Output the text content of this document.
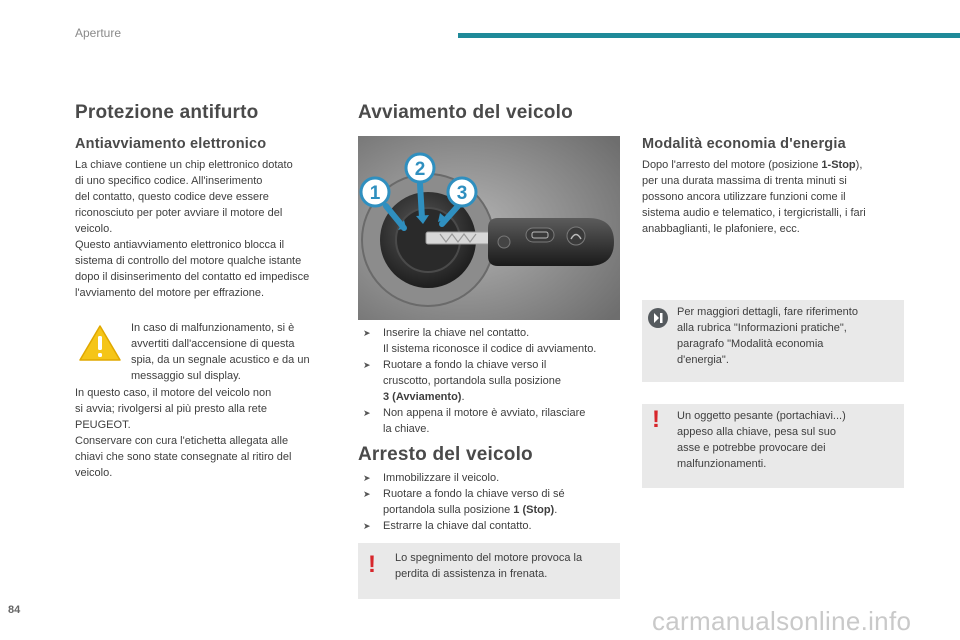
Aperture
Protezione antifurto
Antiavviamento elettronico
La chiave contiene un chip elettronico dotato
di uno specifico codice. All'inserimento
del contatto, questo codice deve essere
riconosciuto per poter avviare il motore del
veicolo.
Questo antiavviamento elettronico blocca il
sistema di controllo del motore qualche istante
dopo il disinserimento del contatto ed impedisce
l'avviamento del motore per effrazione.
In caso di malfunzionamento, si è
avvertiti dall'accensione di questa
spia, da un segnale acustico e da un
messaggio sul display.
In questo caso, il motore del veicolo non
si avvia; rivolgersi al più presto alla rete
PEUGEOT.
Conservare con cura l'etichetta allegata alle
chiavi che sono state consegnate al ritiro del
veicolo.
Avviamento del veicolo
1
2
3
➤ Inserire la chiave nel contatto.
Il sistema riconosce il codice di avviamento.
➤ Ruotare a fondo la chiave verso il
cruscotto, portandola sulla posizione
3 (Avviamento).
➤ Non appena il motore è avviato, rilasciare
la chiave.
Arresto del veicolo
➤ Immobilizzare il veicolo.
➤ Ruotare a fondo la chiave verso di sé
portandola sulla posizione 1 (Stop).
➤ Estrarre la chiave dal contatto.
! Lo spegnimento del motore provoca la
perdita di assistenza in frenata.
Modalità economia d'energia
Dopo l'arresto del motore (posizione 1-Stop),
per una durata massima di trenta minuti si
possono ancora utilizzare funzioni come il
sistema audio e telematico, i tergicristalli, i fari
anabbaglianti, le plafoniere, ecc.
Per maggiori dettagli, fare riferimento
alla rubrica "Informazioni pratiche",
paragrafo "Modalità economia
d'energia".
! Un oggetto pesante (portachiavi...)
appeso alla chiave, pesa sul suo
asse e potrebbe provocare dei
malfunzionamenti.
84	carmanualsonline.info
